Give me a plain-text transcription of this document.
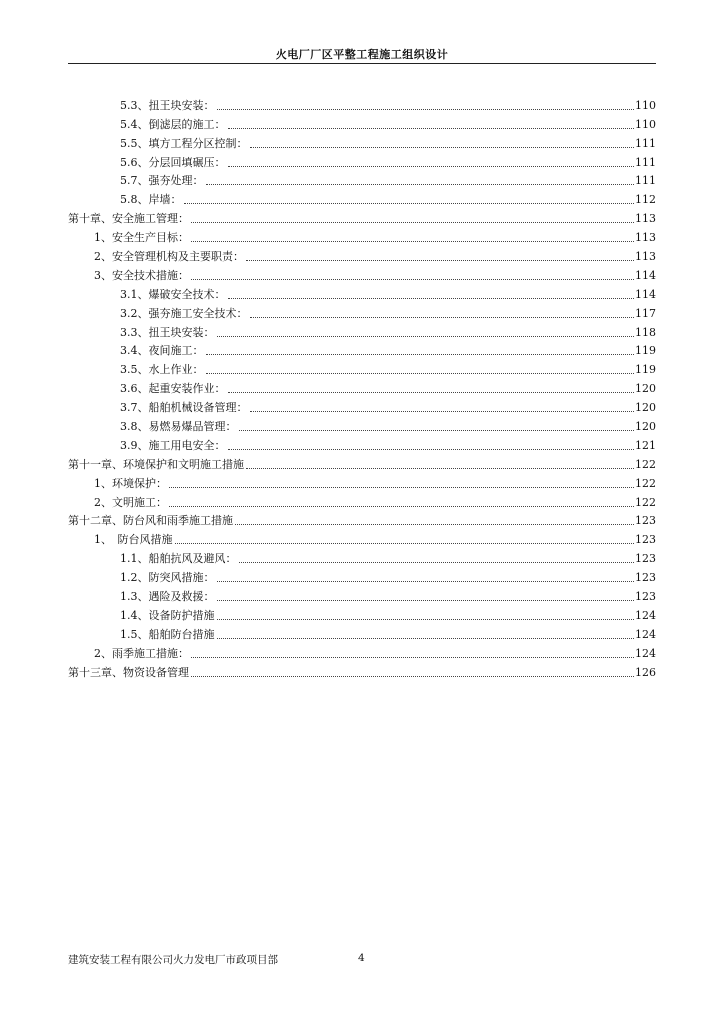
火电厂厂区平整工程施工组织设计
5.3、扭王块安装：	110
5.4、倒滤层的施工：	110
5.5、填方工程分区控制：	111
5.6、分层回填碾压：	111
5.7、强夯处理：	111
5.8、岸墙：	112
第十章、安全施工管理：	113
1、安全生产目标：	113
2、安全管理机构及主要职责：	113
3、安全技术措施：	114
3.1、爆破安全技术：	114
3.2、强夯施工安全技术：	117
3.3、扭王块安装：	118
3.4、夜间施工：	119
3.5、水上作业：	119
3.6、起重安装作业：	120
3.7、船舶机械设备管理：	120
3.8、易燃易爆品管理：	120
3.9、施工用电安全：	121
第十一章、环境保护和文明施工措施	122
1、环境保护：	122
2、文明施工：	122
第十二章、防台风和雨季施工措施	123
1、　防台风措施	123
1.1、船舶抗风及避风：	123
1.2、防突风措施：	123
1.3、遇险及救援：	123
1.4、设备防护措施	124
1.5、船舶防台措施	124
2、雨季施工措施：	124
第十三章、物资设备管理	126
建筑安装工程有限公司火力发电厂市政项目部	4
